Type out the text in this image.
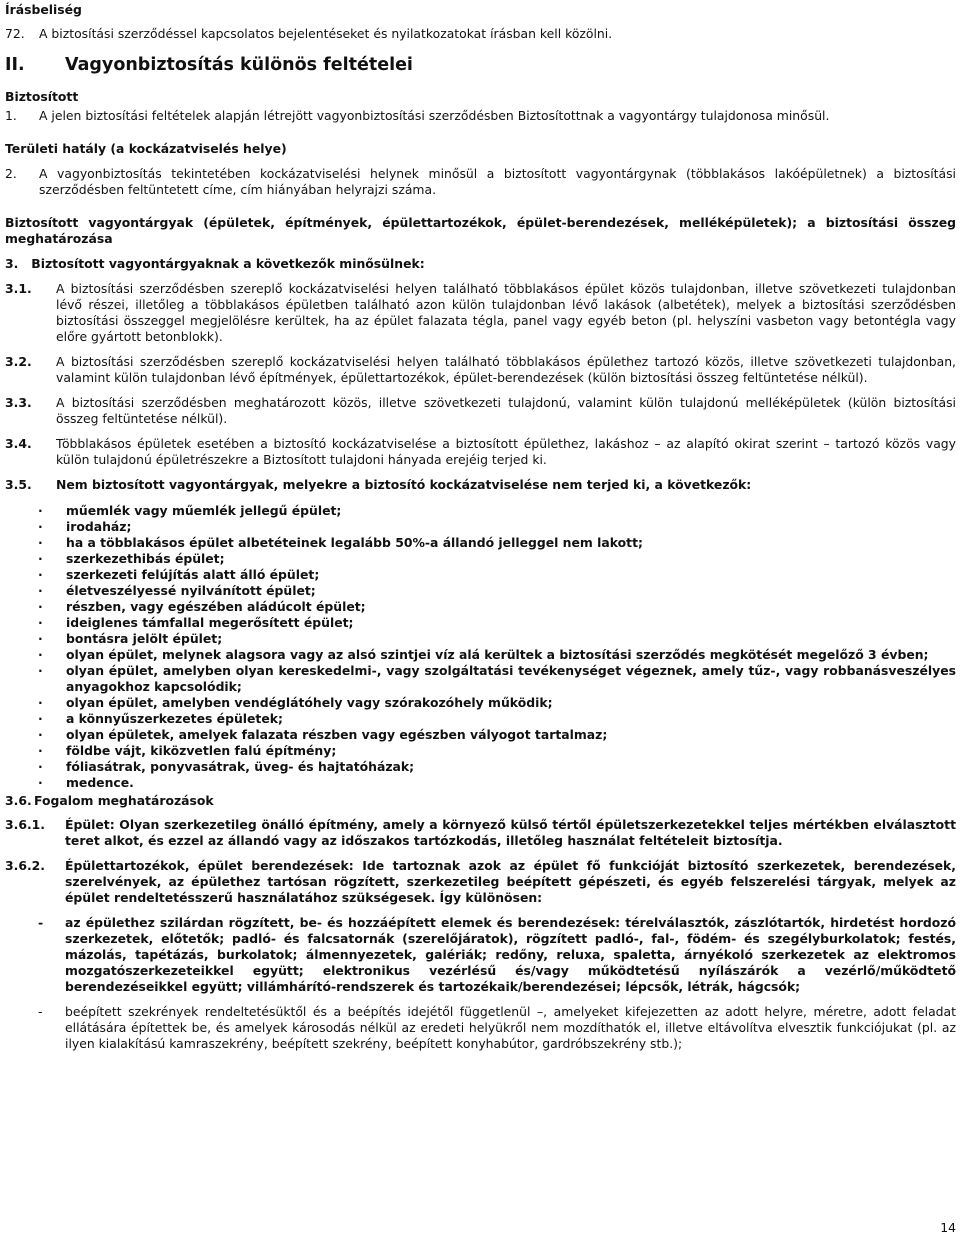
Írásbeliség

72.	A biztosítási szerződéssel kapcsolatos bejelentéseket és nyilatkozatokat írásban kell közölni.
II.	Vagyonbiztosítás különös feltételei

Biztosított

1.	A jelen biztosítási feltételek alapján létrejött vagyonbiztosítási szerződésben Biztosítottnak a vagyontárgy tulajdonosa minősül.

Területi hatály (a kockázatviselés helye)

2.	A vagyonbiztosítás tekintetében kockázatviselési helynek minősül a biztosított vagyontárgynak (többlakásos lakóépületnek) a biztosítási szerződésben feltüntetett címe, cím hiányában helyrajzi száma.

Biztosított vagyontárgyak (épületek, építmények, épülettartozékok, épület-berendezések, melléképületek); a biztosítási összeg meghatározása

3.   Biztosított vagyontárgyaknak a következők minősülnek:

3.1.	A biztosítási szerződésben szereplő kockázatviselési helyen található többlakásos épület közös tulajdonban, illetve szövetkezeti tulajdonban lévő részei, illetőleg a többlakásos épületben található azon külön tulajdonban lévő lakások (albetétek), melyek a biztosítási szerződésben biztosítási összeggel megjelölésre kerültek, ha az épület falazata tégla, panel vagy egyéb beton (pl. helyszíni vasbeton vagy betontégla vagy előre gyártott betonblokk).
3.2.	A biztosítási szerződésben szereplő kockázatviselési helyen található többlakásos épülethez tartozó közös, illetve szövetkezeti tulajdonban, valamint külön tulajdonban lévő építmények, épülettartozékok, épület-berendezések (külön biztosítási összeg feltüntetése nélkül).
3.3.	A biztosítási szerződésben meghatározott közös, illetve szövetkezeti tulajdonú, valamint külön tulajdonú melléképületek (külön biztosítási összeg feltüntetése nélkül).
3.4.	Többlakásos épületek esetében a biztosító kockázatviselése a biztosított épülethez, lakáshoz – az alapító okirat szerint – tartozó közös vagy külön tulajdonú épületrészekre a Biztosított tulajdoni hányada erejéig terjed ki.
3.5.	Nem biztosított vagyontárgyak, melyekre a biztosító kockázatviselése nem terjed ki, a következők:
·	műemlék vagy műemlék jellegű épület;
·	irodaház;
·	ha a többlakásos épület albetéteinek legalább 50%-a állandó jelleggel nem lakott;
·	szerkezethibás épület;
·	szerkezeti felújítás alatt álló épület;
·	életveszélyessé nyilvánított épület;
·	részben, vagy egészében aládúcolt épület;
·	ideiglenes támfallal megerősített épület;
·	bontásra jelölt épület;
·	olyan épület, melynek alagsora vagy az alsó szintjei víz alá kerültek a biztosítási szerződés megkötését megelőző 3 évben;
·	olyan épület, amelyben olyan kereskedelmi-, vagy szolgáltatási tevékenységet végeznek, amely tűz-, vagy robbanásveszélyes anyagokhoz kapcsolódik;
·	olyan épület, amelyben vendéglátóhely vagy szórakozóhely működik;
·	a könnyűszerkezetes épületek;
·	olyan épületek, amelyek falazata részben vagy egészben vályogot tartalmaz;
·	földbe vájt, kiközvetlen falú építmény;
·	fóliasátrak, ponyvasátrak, üveg- és hajtatóházak;
·	medence.
3.6. Fogalom meghatározások
3.6.1.	Épület: Olyan szerkezetileg önálló építmény, amely a környező külső tértől épületszerkezetekkel teljes mértékben elválasztott teret alkot, és ezzel az állandó vagy az időszakos tartózkodás, illetőleg használat feltételeit biztosítja.
3.6.2.	Épülettartozékok, épület berendezések: Ide tartoznak azok az épület fő funkcióját biztosító szerkezetek, berendezések, szerelvények, az épülethez tartósan rögzített, szerkezetileg beépített gépészeti, és egyéb felszerelési tárgyak, melyek az épület rendeltetésszerű használatához szükségesek. Így különösen:
-	az épülethez szilárdan rögzített, be- és hozzáépített elemek és berendezések: térelválasztók, zászlótartók, hirdetést hordozó szerkezetek, előtetők; padló- és falcsatornák (szerelőjáratok), rögzített padló-, fal-, födém- és szegélyburkolatok; festés, mázolás, tapétázás, burkolatok; álmennyezetek, galériák; redőny, reluxa, spaletta, árnyékoló szerkezetek az elektromos mozgatószerkezeteikkel együtt; elektronikus vezérlésű és/vagy működtetésű nyílászárók a vezérlő/működtető berendezéseikkel együtt; villámhárító-rendszerek és tartozékaik/berendezései; lépcsők, létrák, hágcsók;
-	beépített szekrények rendeltetésüktől és a beépítés idejétől függetlenül –, amelyeket kifejezetten az adott helyre, méretre, adott feladat ellátására építettek be, és amelyek károsodás nélkül az eredeti helyükről nem mozdíthatók el, illetve eltávolítva elvesztik funkciójukat (pl. az ilyen kialakítású kamraszekrény, beépített szekrény, beépített konyhabútor, gardróbszekrény stb.);
14
